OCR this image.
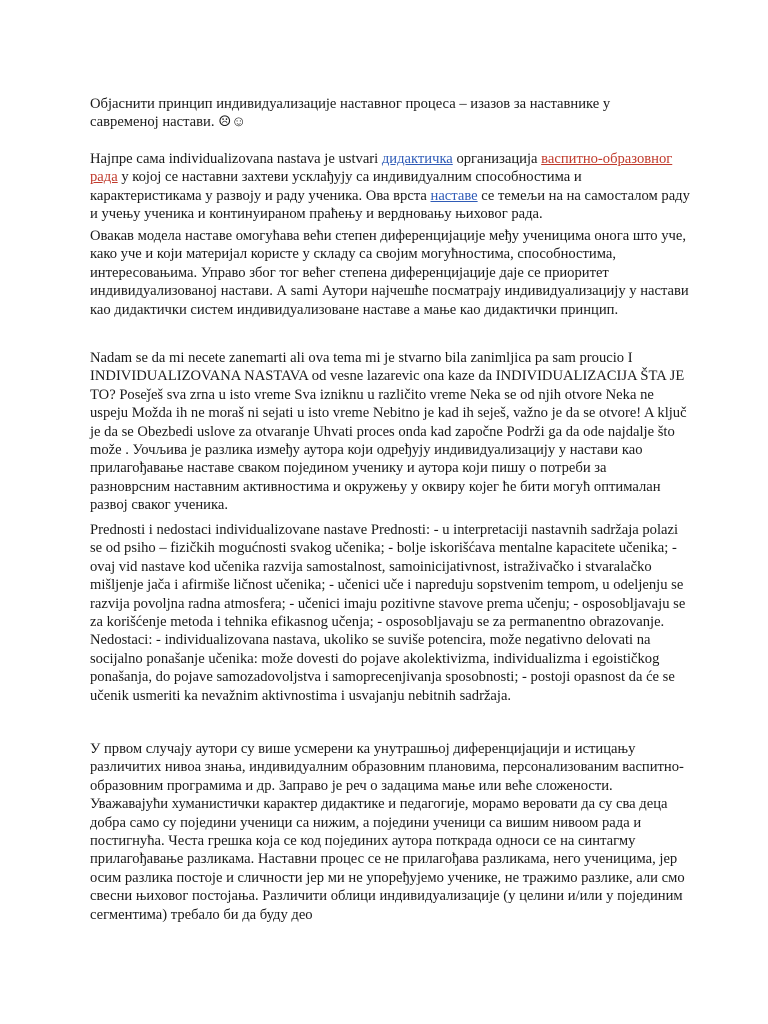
Објаснити принцип индивидуализације наставног процеса – изазов за наставнике у
савременој настави. ☹☺

Најпре сама individualizovana nastava је ustvari дидактичка организација васпитно-образовног рада у којој се наставни захтеви усклађују са индивидуалним способностима и карактеристикама у развоју и раду ученика. Ова врста наставе се темељи на на самосталом раду и учењу ученика и континуираном праћењу и верднoвању њиховог рада.

Овакав модела наставе омогућава већи степен диференцијације међу ученицима онога што уче, како уче и који материјал користе у складу са својим могућностима, способностима, интересовањима. Управо због тог већег степена диференцијације даје се приоритет индивидуализованој настави. А sami Аутори најчешће посматрају индивидуализацију у настави као дидактички систем индивидуализоване наставе а мање као дидактички принцип.

Nadam se da mi necete zanemarti ali ova tema mi je stvarno bila zanimljica pa sam proucio I INDIVIDUALIZOVANA NASTAVA od vesne lazarevic ona kaze da INDIVIDUALIZACIJA ŠTA JE TO? Poseǰeš sva zrna u isto vreme Sva izniknu u različito vreme Neka se od njih otvore Neka ne uspeju Možda ih ne moraš ni sejati u isto vreme Nebitno je kad ih seješ, važno je da se otvore! A ključ je da se Obezbedi uslove za otvaranje Uhvati proces onda kad započne Podrži ga da ode najdalje što može . Уочљива је разлика између аутора који одређују индивидуализацију у настави као прилагођавање наставе сваком појединoм ученику и аутора који пишу о потреби за разноврсним наставним активностима и окружењу у оквиру којег ће бити могућ оптималан развој сваког ученика.

Prednosti i nedostaci individualizovane nastave Prednosti: - u interpretaciji nastavnih sadržaja polazi se od psiho – fizičkih mogućnosti svakog učenika; - bolje iskorišćava mentalne kapacitete učenika; - ovaj vid nastave kod učenika razvija samostalnost, samoinicijativnost, istraživačko i stvaralačko mišljenje jača i afirmiše ličnost učenika; - učenici uče i napreduju sopstvenim tempom, u odeljenju se razvija povoljna radna atmosfera; - učenici imaju pozitivne stavove prema učenju; - osposobljavaju se za korišćenje metoda i tehnika efikasnog učenja; - osposobljavaju se za permanentno obrazovanje. Nedostaci: - individualizovana nastava, ukoliko se suviše potencira, može negativno delovati na socijalno ponašanje učenika: može dovesti do pojave akolektivizma, individualizma i egoističkog ponašanja, do pojave samozadovoljstva i samoprecenjivanja sposobnosti; - postoji opasnost da će se učenik usmeriti ka nevažnim aktivnostima i usvajanju nebitnih sadržaja.

У првом случају аутори су више усмерени ка унутрашњој диференцијацији и истицању различитих нивоа знања, индивидуалним образовним плановима, персонализованим васпитно-образовним програмима и др. Заправо је реч о задацима мање или веће сложености. Уважавајући хуманистички карактер дидактике и педагогије, морамо веровати да су сва деца добра само су поједини ученици са нижим, а поједини ученици са вишим нивоом рада и постигнућа. Честа грешка која се код појединих аутора поткрада односи се на синтагму прилагођавање разликама. Наставни процес се не прилагођава разликама, него ученицима, јер осим разлика постоје и сличности јер ми не упоређујемо ученике, не тражимо разлике, али смо свесни њиховог постојања. Различити облици индивидуализације (у целини и/или у појединим сегментима) требало би да буду део
